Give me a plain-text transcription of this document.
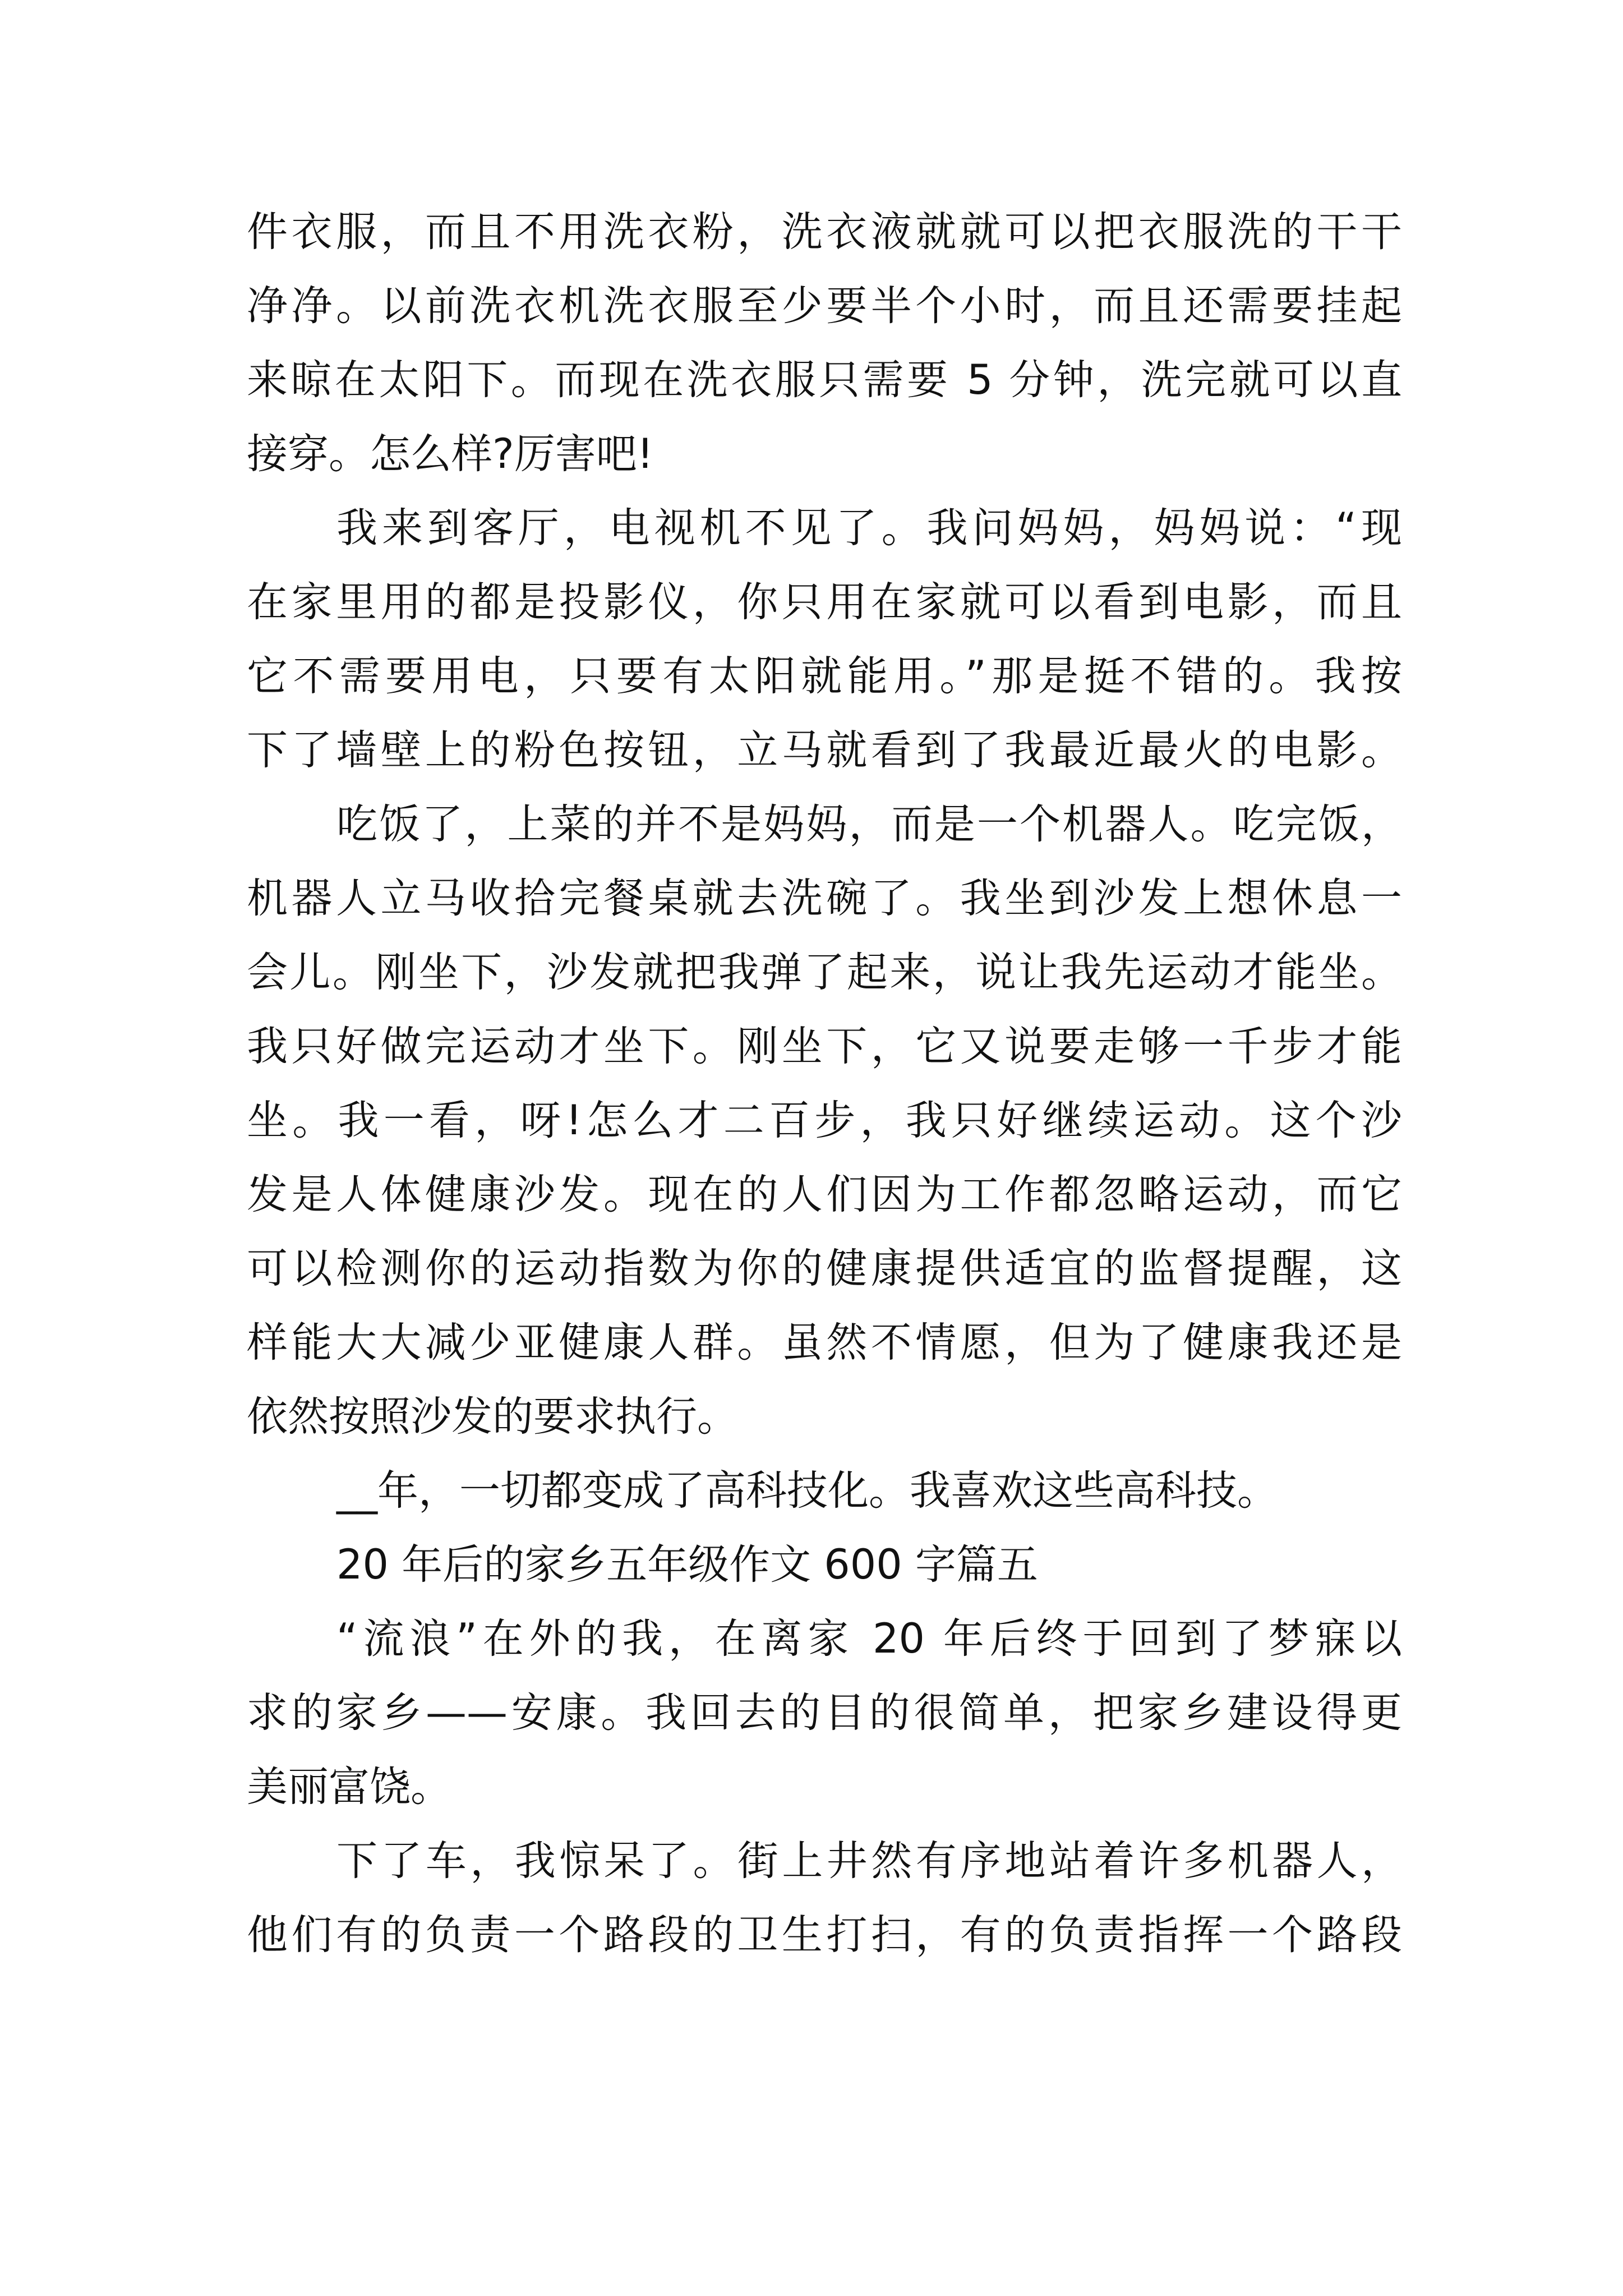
件衣服，而且不用洗衣粉，洗衣液就就可以把衣服洗的干干
净净。以前洗衣机洗衣服至少要半个小时，而且还需要挂起
来晾在太阳下。而现在洗衣服只需要 5 分钟，洗完就可以直
接穿。怎么样?厉害吧!
我来到客厅，电视机不见了。我问妈妈，妈妈说：“现
在家里用的都是投影仪，你只用在家就可以看到电影，而且
它不需要用电，只要有太阳就能用。”那是挺不错的。我按
下了墙壁上的粉色按钮，立马就看到了我最近最火的电影。
吃饭了，上菜的并不是妈妈，而是一个机器人。吃完饭，
机器人立马收拾完餐桌就去洗碗了。我坐到沙发上想休息一
会儿。刚坐下，沙发就把我弹了起来，说让我先运动才能坐。
我只好做完运动才坐下。刚坐下，它又说要走够一千步才能
坐。我一看，呀!怎么才二百步，我只好继续运动。这个沙
发是人体健康沙发。现在的人们因为工作都忽略运动，而它
可以检测你的运动指数为你的健康提供适宜的监督提醒，这
样能大大减少亚健康人群。虽然不情愿，但为了健康我还是
依然按照沙发的要求执行。
__年，一切都变成了高科技化。我喜欢这些高科技。
20 年后的家乡五年级作文 600 字篇五
“流浪”在外的我，在离家 20 年后终于回到了梦寐以
求的家乡——安康。我回去的目的很简单，把家乡建设得更
美丽富饶。
下了车，我惊呆了。街上井然有序地站着许多机器人，
他们有的负责一个路段的卫生打扫，有的负责指挥一个路段
